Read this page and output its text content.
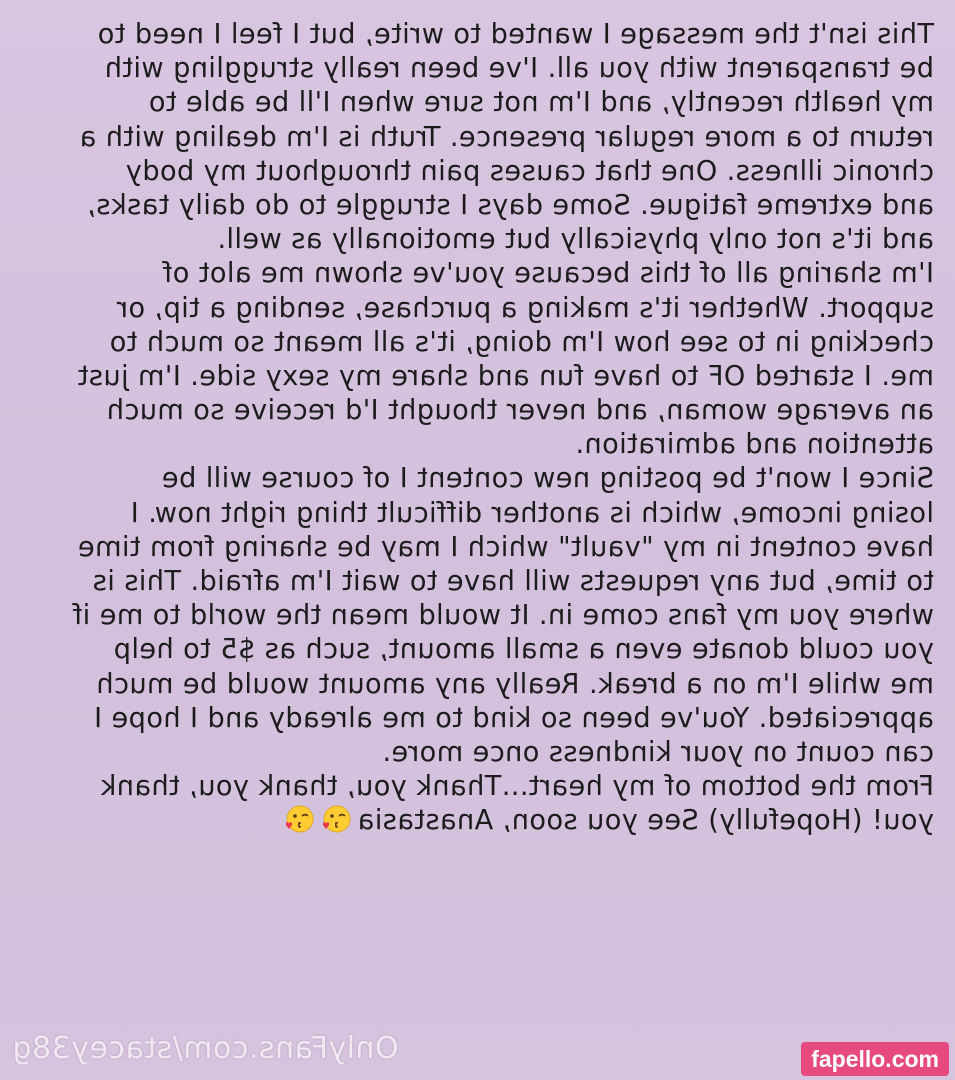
This isn't the message I wanted to write, but I feel I need to
be transparent with you all. I've been really struggling with
my health recently, and I'm not sure when I'll be able to
return to a more regular presence. Truth is I'm dealing with a
chronic illness. One that causes pain throughout my body
and extreme fatigue. Some days I struggle to do daily tasks,
and it's not only physically but emotionally as well.
I'm sharing all of this because you've shown me alot of
support. Whether it's making a purchase, sending a tip, or
checking in to see how I'm doing, it's all meant so much to
me. I started OF to have fun and share my sexy side. I'm just
an average woman, and never thought I'd receive so much
attention and admiration.
Since I won't be posting new content I of course will be
losing income, which is another difficult thing right now. I
have content in my "vault" which I may be sharing from time
to time, but any requests will have to wait I'm afraid. This is
where you my fans come in. It would mean the world to me if
you could donate even a small amount, such as $5 to help
me while I'm on a break. Really any amount would be much
appreciated. You've been so kind to me already and I hope I
can count on your kindness once more.
From the bottom of my heart...Thank you, thank you, thank
you! (Hopefully) See you soon, Anastasia
OnlyFans.com/stacey38g	fapello.com
